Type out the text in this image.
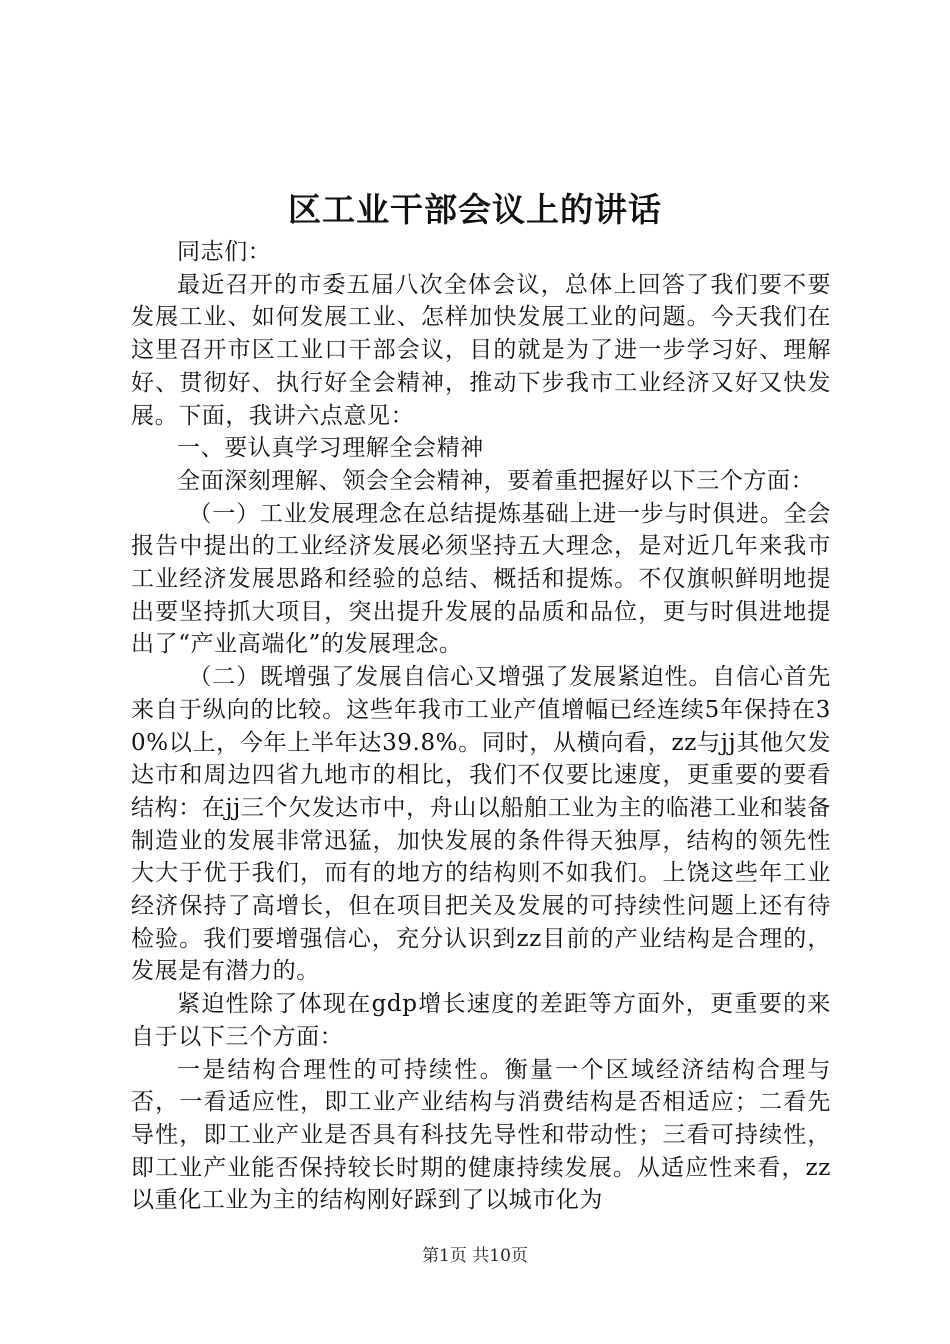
区工业干部会议上的讲话

同志们：

最近召开的市委五届八次全体会议，总体上回答了我们要不要发展工业、如何发展工业、怎样加快发展工业的问题。今天我们在这里召开市区工业口干部会议，目的就是为了进一步学习好、理解好、贯彻好、执行好全会精神，推动下步我市工业经济又好又快发展。下面，我讲六点意见：

一、要认真学习理解全会精神

全面深刻理解、领会全会精神，要着重把握好以下三个方面：

（一）工业发展理念在总结提炼基础上进一步与时俱进。全会报告中提出的工业经济发展必须坚持五大理念，是对近几年来我市工业经济发展思路和经验的总结、概括和提炼。不仅旗帜鲜明地提出要坚持抓大项目，突出提升发展的品质和品位，更与时俱进地提出了“产业高端化”的发展理念。

（二）既增强了发展自信心又增强了发展紧迫性。自信心首先来自于纵向的比较。这些年我市工业产值增幅已经连续5年保持在30%以上，今年上半年达39.8%。同时，从横向看，zz与jj其他欠发达市和周边四省九地市的相比，我们不仅要比速度，更重要的要看结构：在jj三个欠发达市中，舟山以船舶工业为主的临港工业和装备制造业的发展非常迅猛，加快发展的条件得天独厚，结构的领先性大大于优于我们，而有的地方的结构则不如我们。上饶这些年工业经济保持了高增长，但在项目把关及发展的可持续性问题上还有待检验。我们要增强信心，充分认识到zz目前的产业结构是合理的，发展是有潜力的。

紧迫性除了体现在gdp增长速度的差距等方面外，更重要的来自于以下三个方面：

一是结构合理性的可持续性。衡量一个区域经济结构合理与否，一看适应性，即工业产业结构与消费结构是否相适应；二看先导性，即工业产业是否具有科技先导性和带动性；三看可持续性，即工业产业能否保持较长时期的健康持续发展。从适应性来看，zz以重化工业为主的结构刚好踩到了以城市化为

第1页 共10页
